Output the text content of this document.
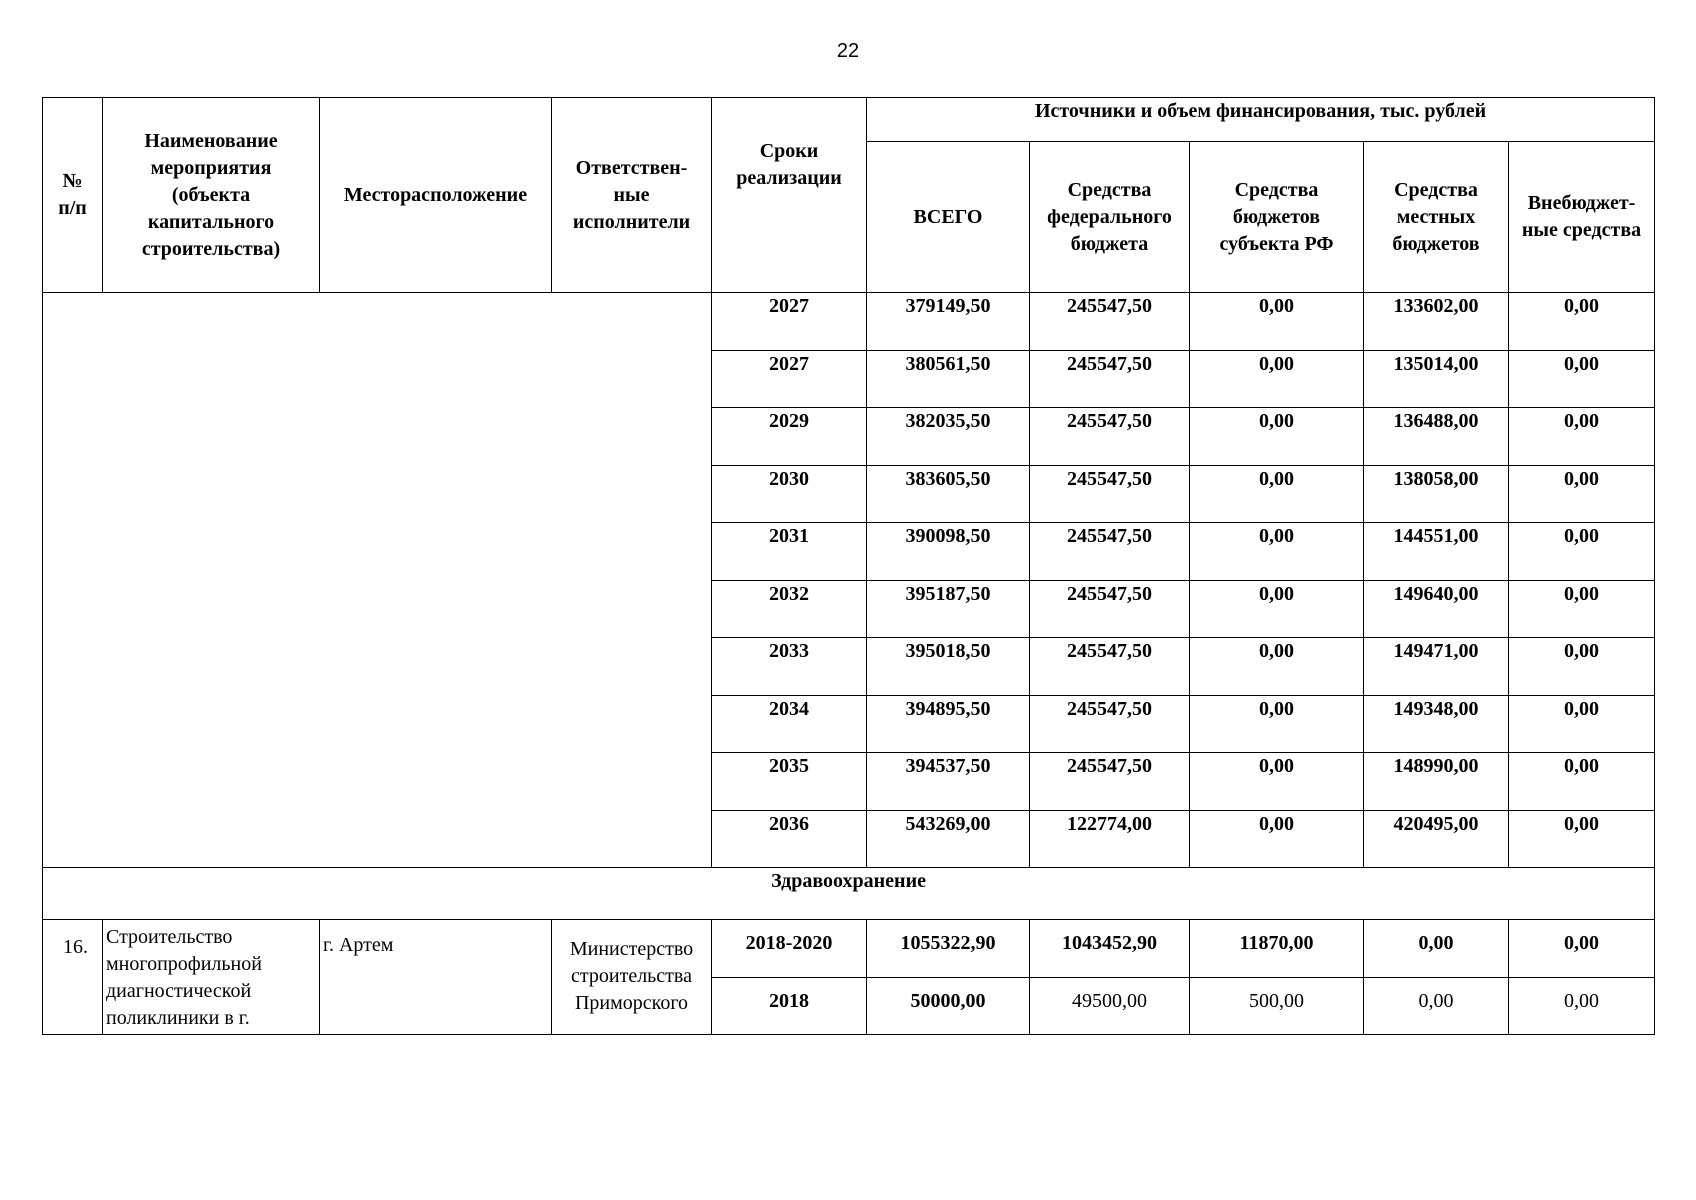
22
№
п/п	Наименование
мероприятия
(объекта
капитального
строительства)	Месторасположение	Ответствен-
ные
исполнители	Сроки
реализации	Источники и объем финансирования, тыс. рублей				
					ВСЕГО	Средства
федерального
бюджета	Средства
бюджетов
субъекта РФ	Средства
местных
бюджетов	Внебюджет-
ные средства

				2027	379149,50	245547,50	0,00	133602,00	0,00
				2027	380561,50	245547,50	0,00	135014,00	0,00
				2029	382035,50	245547,50	0,00	136488,00	0,00
				2030	383605,50	245547,50	0,00	138058,00	0,00
				2031	390098,50	245547,50	0,00	144551,00	0,00
				2032	395187,50	245547,50	0,00	149640,00	0,00
				2033	395018,50	245547,50	0,00	149471,00	0,00
				2034	394895,50	245547,50	0,00	149348,00	0,00
				2035	394537,50	245547,50	0,00	148990,00	0,00
				2036	543269,00	122774,00	0,00	420495,00	0,00
Здравоохранение									
16.	Строительство
многопрофильной
диагностической
поликлиники в г.	г. Артем	Министерство
строительства
Приморского	2018-2020	1055322,90	1043452,90	11870,00	0,00	0,00
				2018	50000,00	49500,00	500,00	0,00	0,00
